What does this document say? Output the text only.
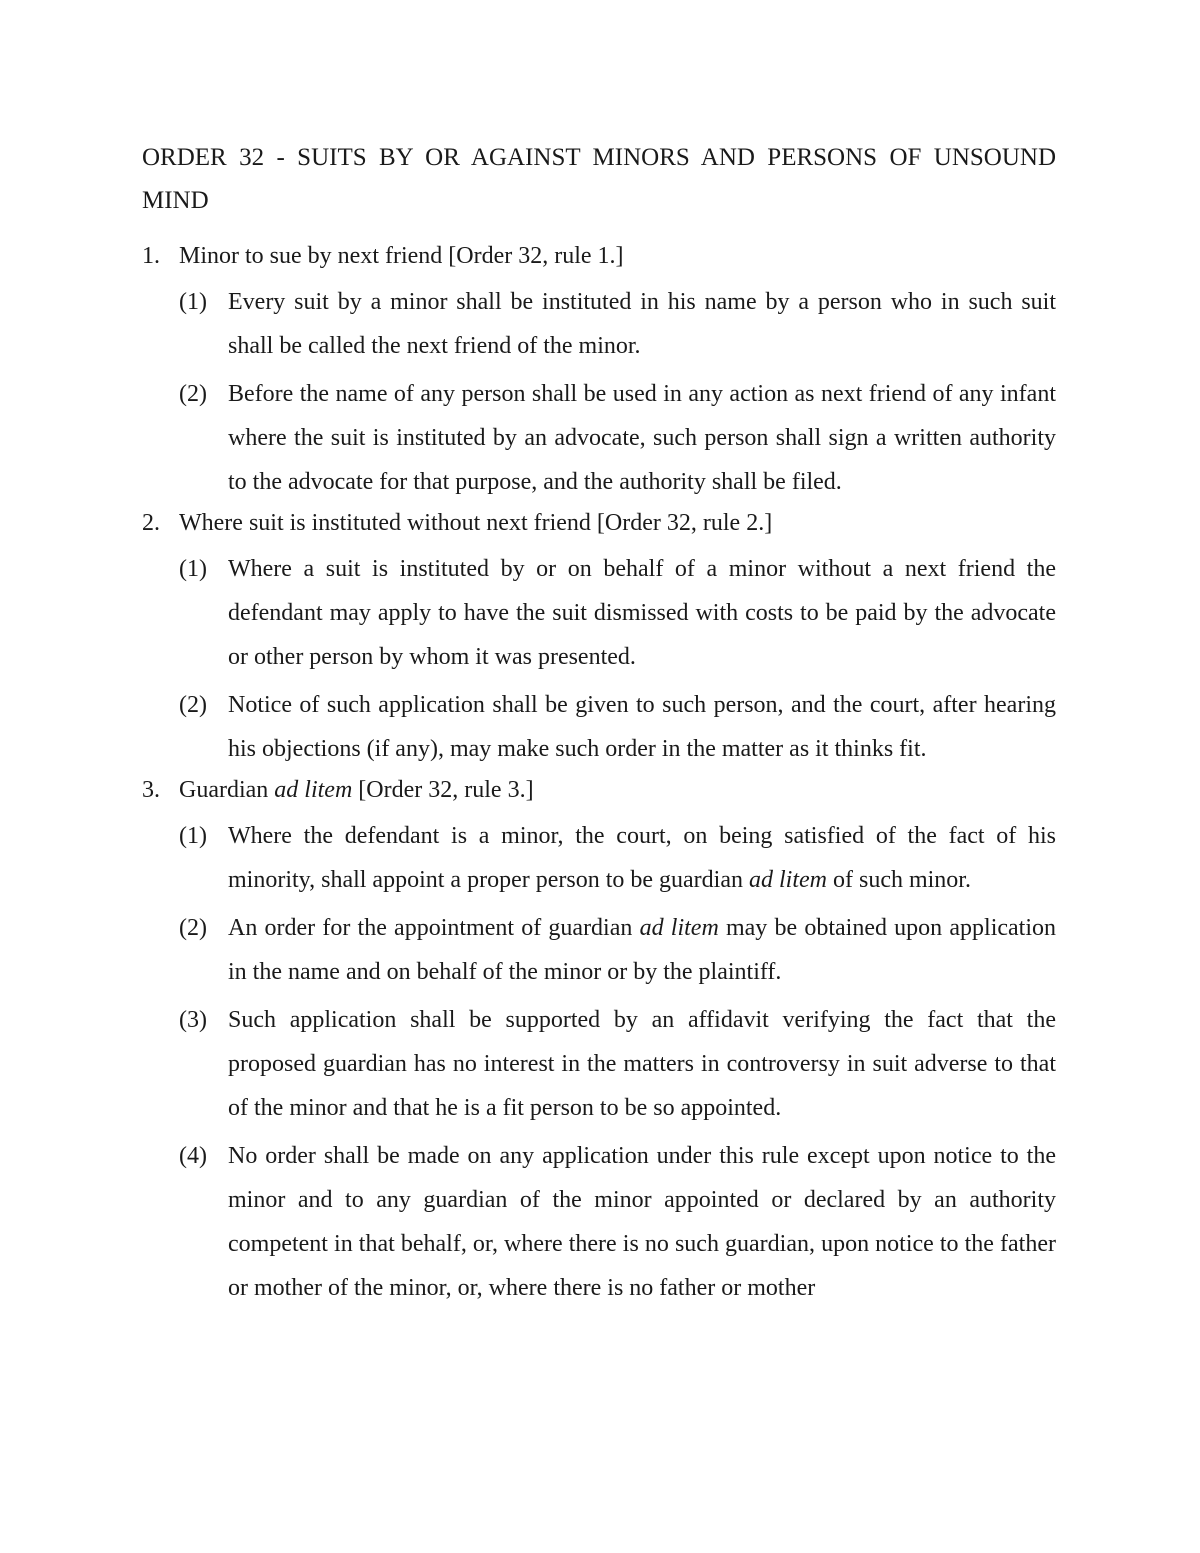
ORDER 32 - SUITS BY OR AGAINST MINORS AND PERSONS OF UNSOUND MIND
1. Minor to sue by next friend [Order 32, rule 1.]
(1) Every suit by a minor shall be instituted in his name by a person who in such suit shall be called the next friend of the minor.
(2) Before the name of any person shall be used in any action as next friend of any infant where the suit is instituted by an advocate, such person shall sign a written authority to the advocate for that purpose, and the authority shall be filed.
2. Where suit is instituted without next friend [Order 32, rule 2.]
(1) Where a suit is instituted by or on behalf of a minor without a next friend the defendant may apply to have the suit dismissed with costs to be paid by the advocate or other person by whom it was presented.
(2) Notice of such application shall be given to such person, and the court, after hearing his objections (if any), may make such order in the matter as it thinks fit.
3. Guardian ad litem [Order 32, rule 3.]
(1) Where the defendant is a minor, the court, on being satisfied of the fact of his minority, shall appoint a proper person to be guardian ad litem of such minor.
(2) An order for the appointment of guardian ad litem may be obtained upon application in the name and on behalf of the minor or by the plaintiff.
(3) Such application shall be supported by an affidavit verifying the fact that the proposed guardian has no interest in the matters in controversy in suit adverse to that of the minor and that he is a fit person to be so appointed.
(4) No order shall be made on any application under this rule except upon notice to the minor and to any guardian of the minor appointed or declared by an authority competent in that behalf, or, where there is no such guardian, upon notice to the father or mother of the minor, or, where there is no father or mother
